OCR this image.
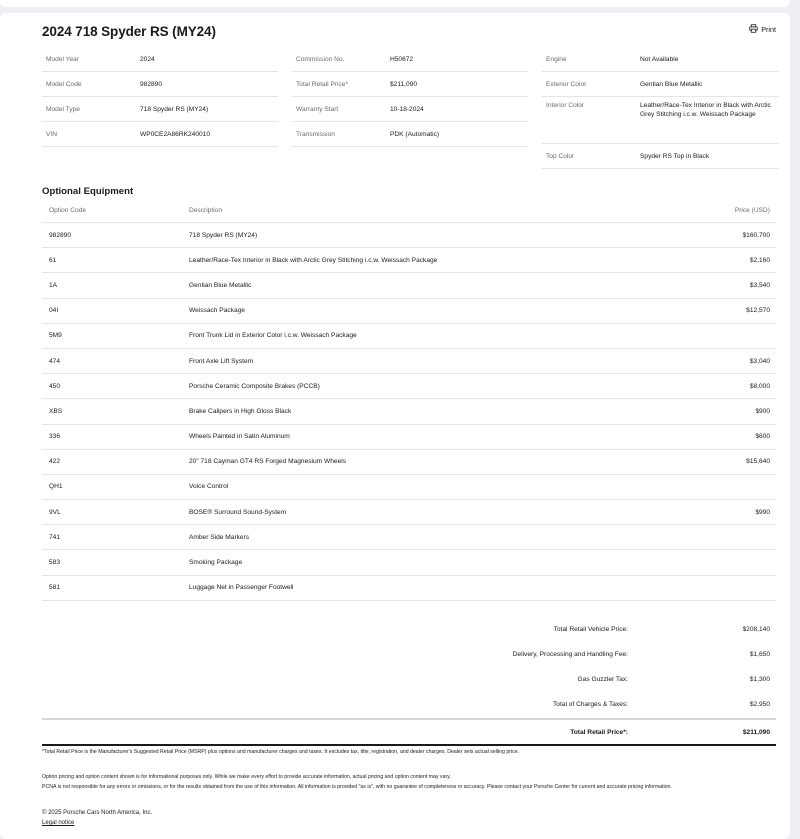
2024 718 Spyder RS (MY24)	Print
Model Year	2024
Model Code	982890
Model Type	718 Spyder RS (MY24)
VIN	WP0CE2A86RK240010
Commission No.	H50672
Total Retail Price*	$211,090
Warranty Start	10-18-2024
Transmission	PDK (Automatic)
Engine	Not Available
Exterior Color	Gentian Blue Metallic
Interior Color	Leather/Race-Tex Interior in Black with Arctic Grey Stitching i.c.w. Weissach Package
Top Color	Spyder RS Top in Black
Optional Equipment
Option Code	Description	Price (USD)
982890	718 Spyder RS (MY24)	$160,700
61	Leather/Race-Tex Interior in Black with Arctic Grey Stitching i.c.w. Weissach Package	$2,160
1A	Gentian Blue Metallic	$3,540
04I	Weissach Package	$12,570
5M9	Front Trunk Lid in Exterior Color i.c.w. Weissach Package
474	Front Axle Lift System	$3,040
450	Porsche Ceramic Composite Brakes (PCCB)	$8,000
XBS	Brake Calipers in High Gloss Black	$900
336	Wheels Painted in Satin Aluminum	$600
422	20" 718 Cayman GT4 RS Forged Magnesium Wheels	$15,640
QH1	Voice Control
9VL	BOSE® Surround Sound-System	$990
741	Amber Side Markers
583	Smoking Package
581	Luggage Net in Passenger Footwell
Total Retail Vehicle Price:	$208,140
Delivery, Processing and Handling Fee:	$1,650
Gas Guzzler Tax:	$1,300
Total of Charges & Taxes:	$2,950
Total Retail Price*:	$211,090
*Total Retail Price is the Manufacturer's Suggested Retail Price (MSRP) plus options and manufacturer charges and taxes. It excludes tax, title, registration, and dealer charges. Dealer sets actual selling price.
Option pricing and option content shown is for informational purposes only. While we make every effort to provide accurate information, actual pricing and option content may vary.
PCNA is not responsible for any errors or omissions, or for the results obtained from the use of this information. All information is provided "as is", with no guarantee of completeness or accuracy. Please contact your Porsche Center for current and accurate pricing information.
© 2025 Porsche Cars North America, Inc.
Legal notice
